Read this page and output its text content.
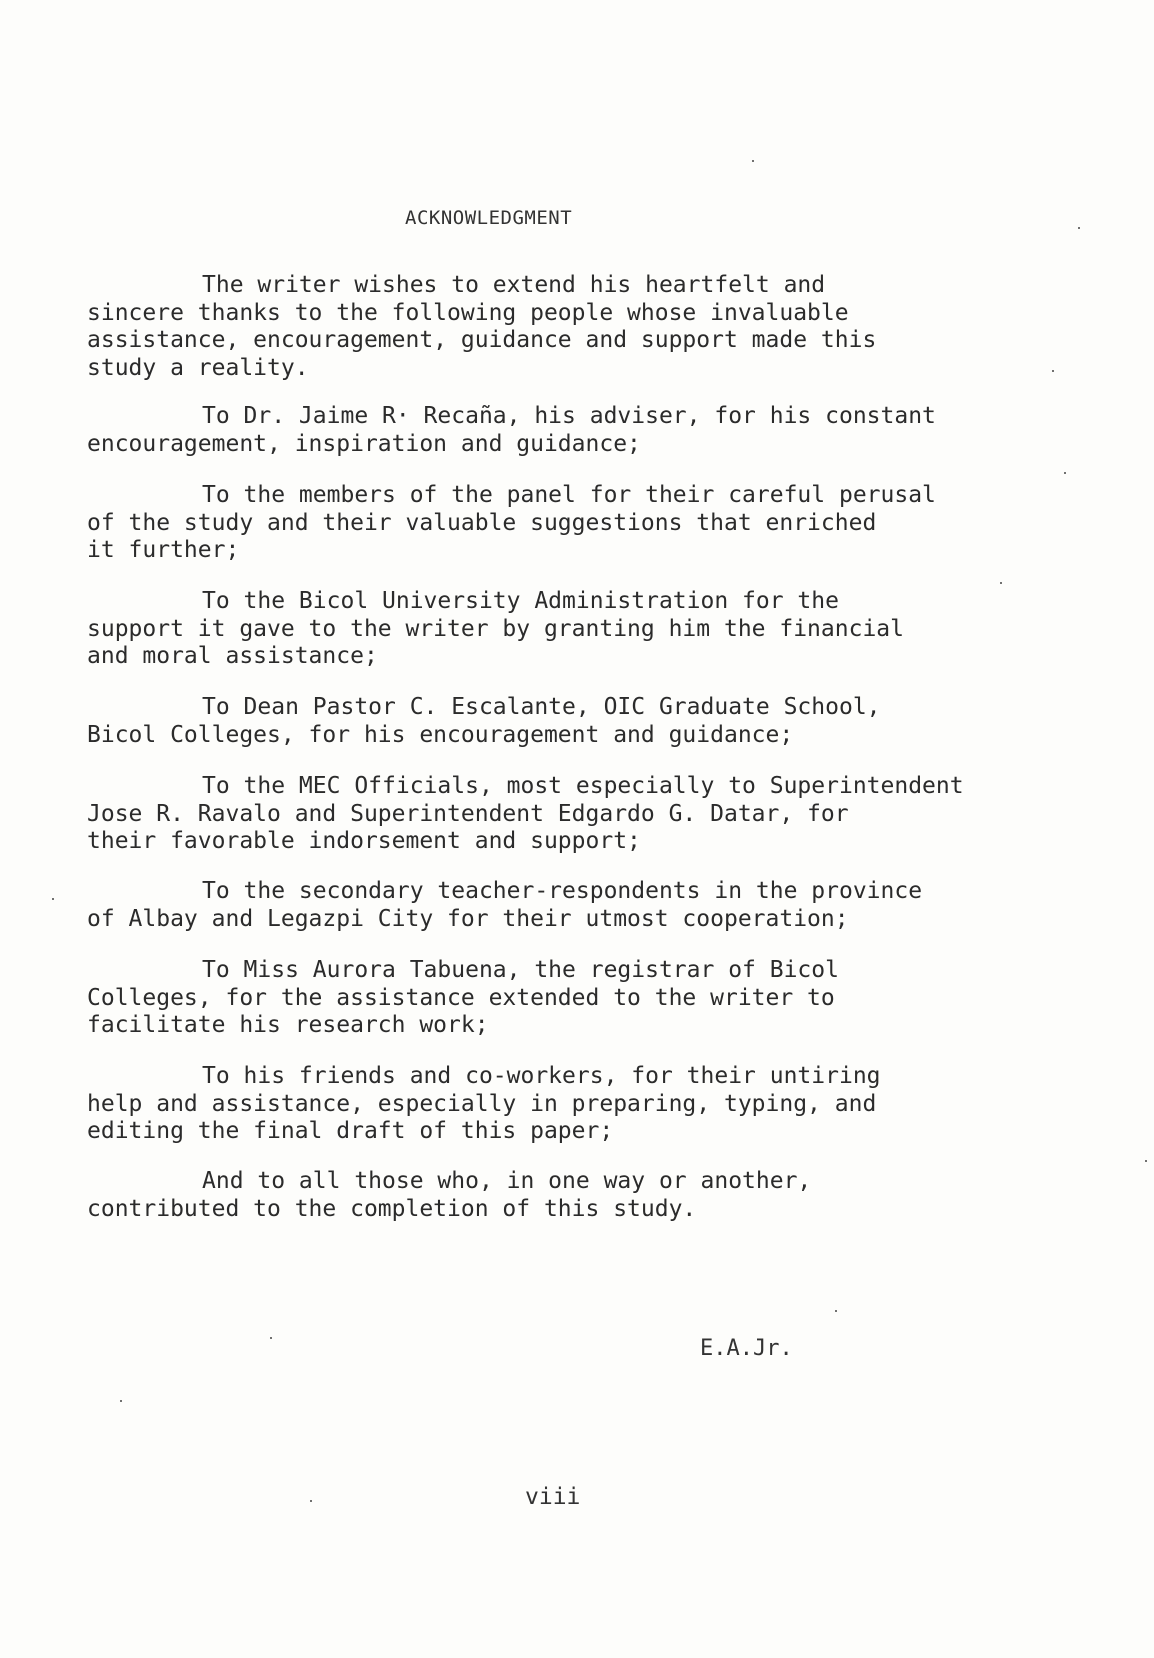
ACKNOWLEDGMENT
The writer wishes to extend his heartfelt and
sincere thanks to the following people whose invaluable
assistance, encouragement, guidance and support made this
study a reality.
To Dr. Jaime R· Recaña, his adviser, for his constant
encouragement, inspiration and guidance;
To the members of the panel for their careful perusal
of the study and their valuable suggestions that enriched
it further;
To the Bicol University Administration for the
support it gave to the writer by granting him the financial
and moral assistance;
To Dean Pastor C. Escalante, OIC Graduate School,
Bicol Colleges, for his encouragement and guidance;
To the MEC Officials, most especially to Superintendent
Jose R. Ravalo and Superintendent Edgardo G. Datar, for
their favorable indorsement and support;
To the secondary teacher-respondents in the province
of Albay and Legazpi City for their utmost cooperation;
To Miss Aurora Tabuena, the registrar of Bicol
Colleges, for the assistance extended to the writer to
facilitate his research work;
To his friends and co-workers, for their untiring
help and assistance, especially in preparing, typing, and
editing the final draft of this paper;
And to all those who, in one way or another,
contributed to the completion of this study.
E.A.Jr.
viii
